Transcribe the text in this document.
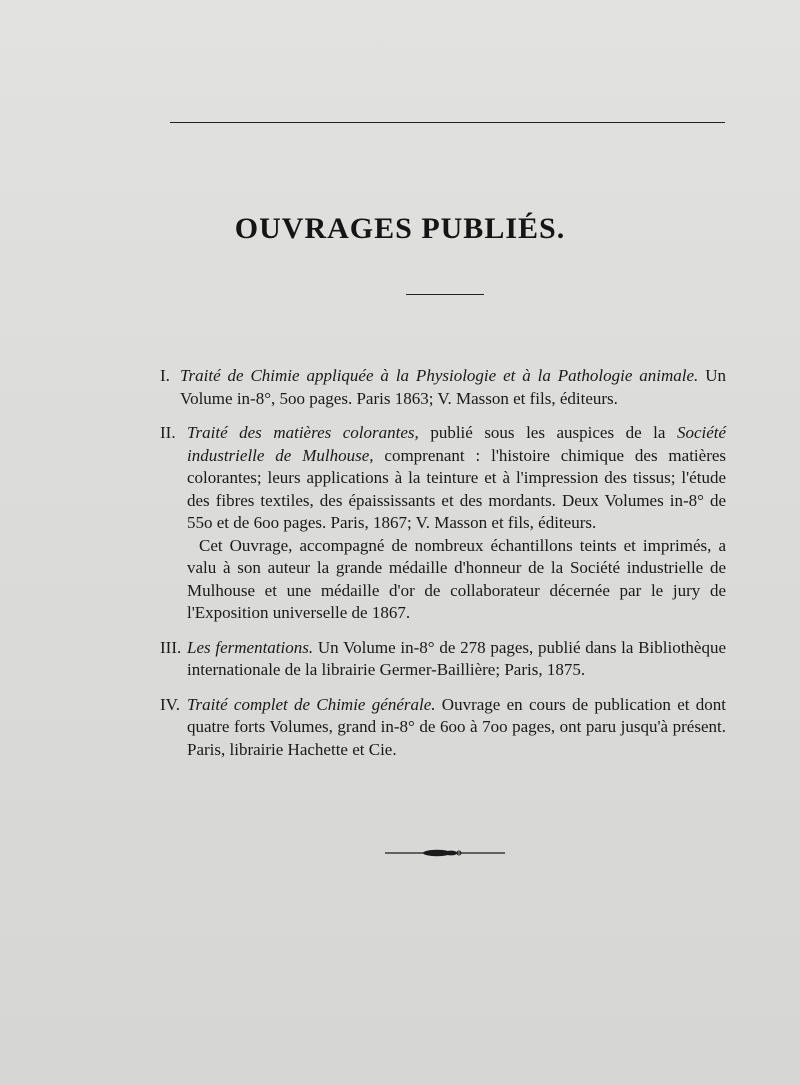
OUVRAGES PUBLIÉS.
I. Traité de Chimie appliquée à la Physiologie et à la Pathologie animale. Un Volume in-8°, 5oo pages. Paris 1863; V. Masson et fils, éditeurs.

II. Traité des matières colorantes, publié sous les auspices de la Société industrielle de Mulhouse, comprenant : l'histoire chimique des matières colorantes; leurs applications à la teinture et à l'impression des tissus; l'étude des fibres textiles, des épaississants et des mordants. Deux Volumes in-8° de 55o et de 6oo pages. Paris, 1867; V. Masson et fils, éditeurs.

Cet Ouvrage, accompagné de nombreux échantillons teints et imprimés, a valu à son auteur la grande médaille d'honneur de la Société industrielle de Mulhouse et une médaille d'or de collaborateur décernée par le jury de l'Exposition universelle de 1867.

III. Les fermentations. Un Volume in-8° de 278 pages, publié dans la Bibliothèque internationale de la librairie Germer-Baillière; Paris, 1875.

IV. Traité complet de Chimie générale. Ouvrage en cours de publication et dont quatre forts Volumes, grand in-8° de 6oo à 7oo pages, ont paru jusqu'à présent. Paris, librairie Hachette et Cie.
